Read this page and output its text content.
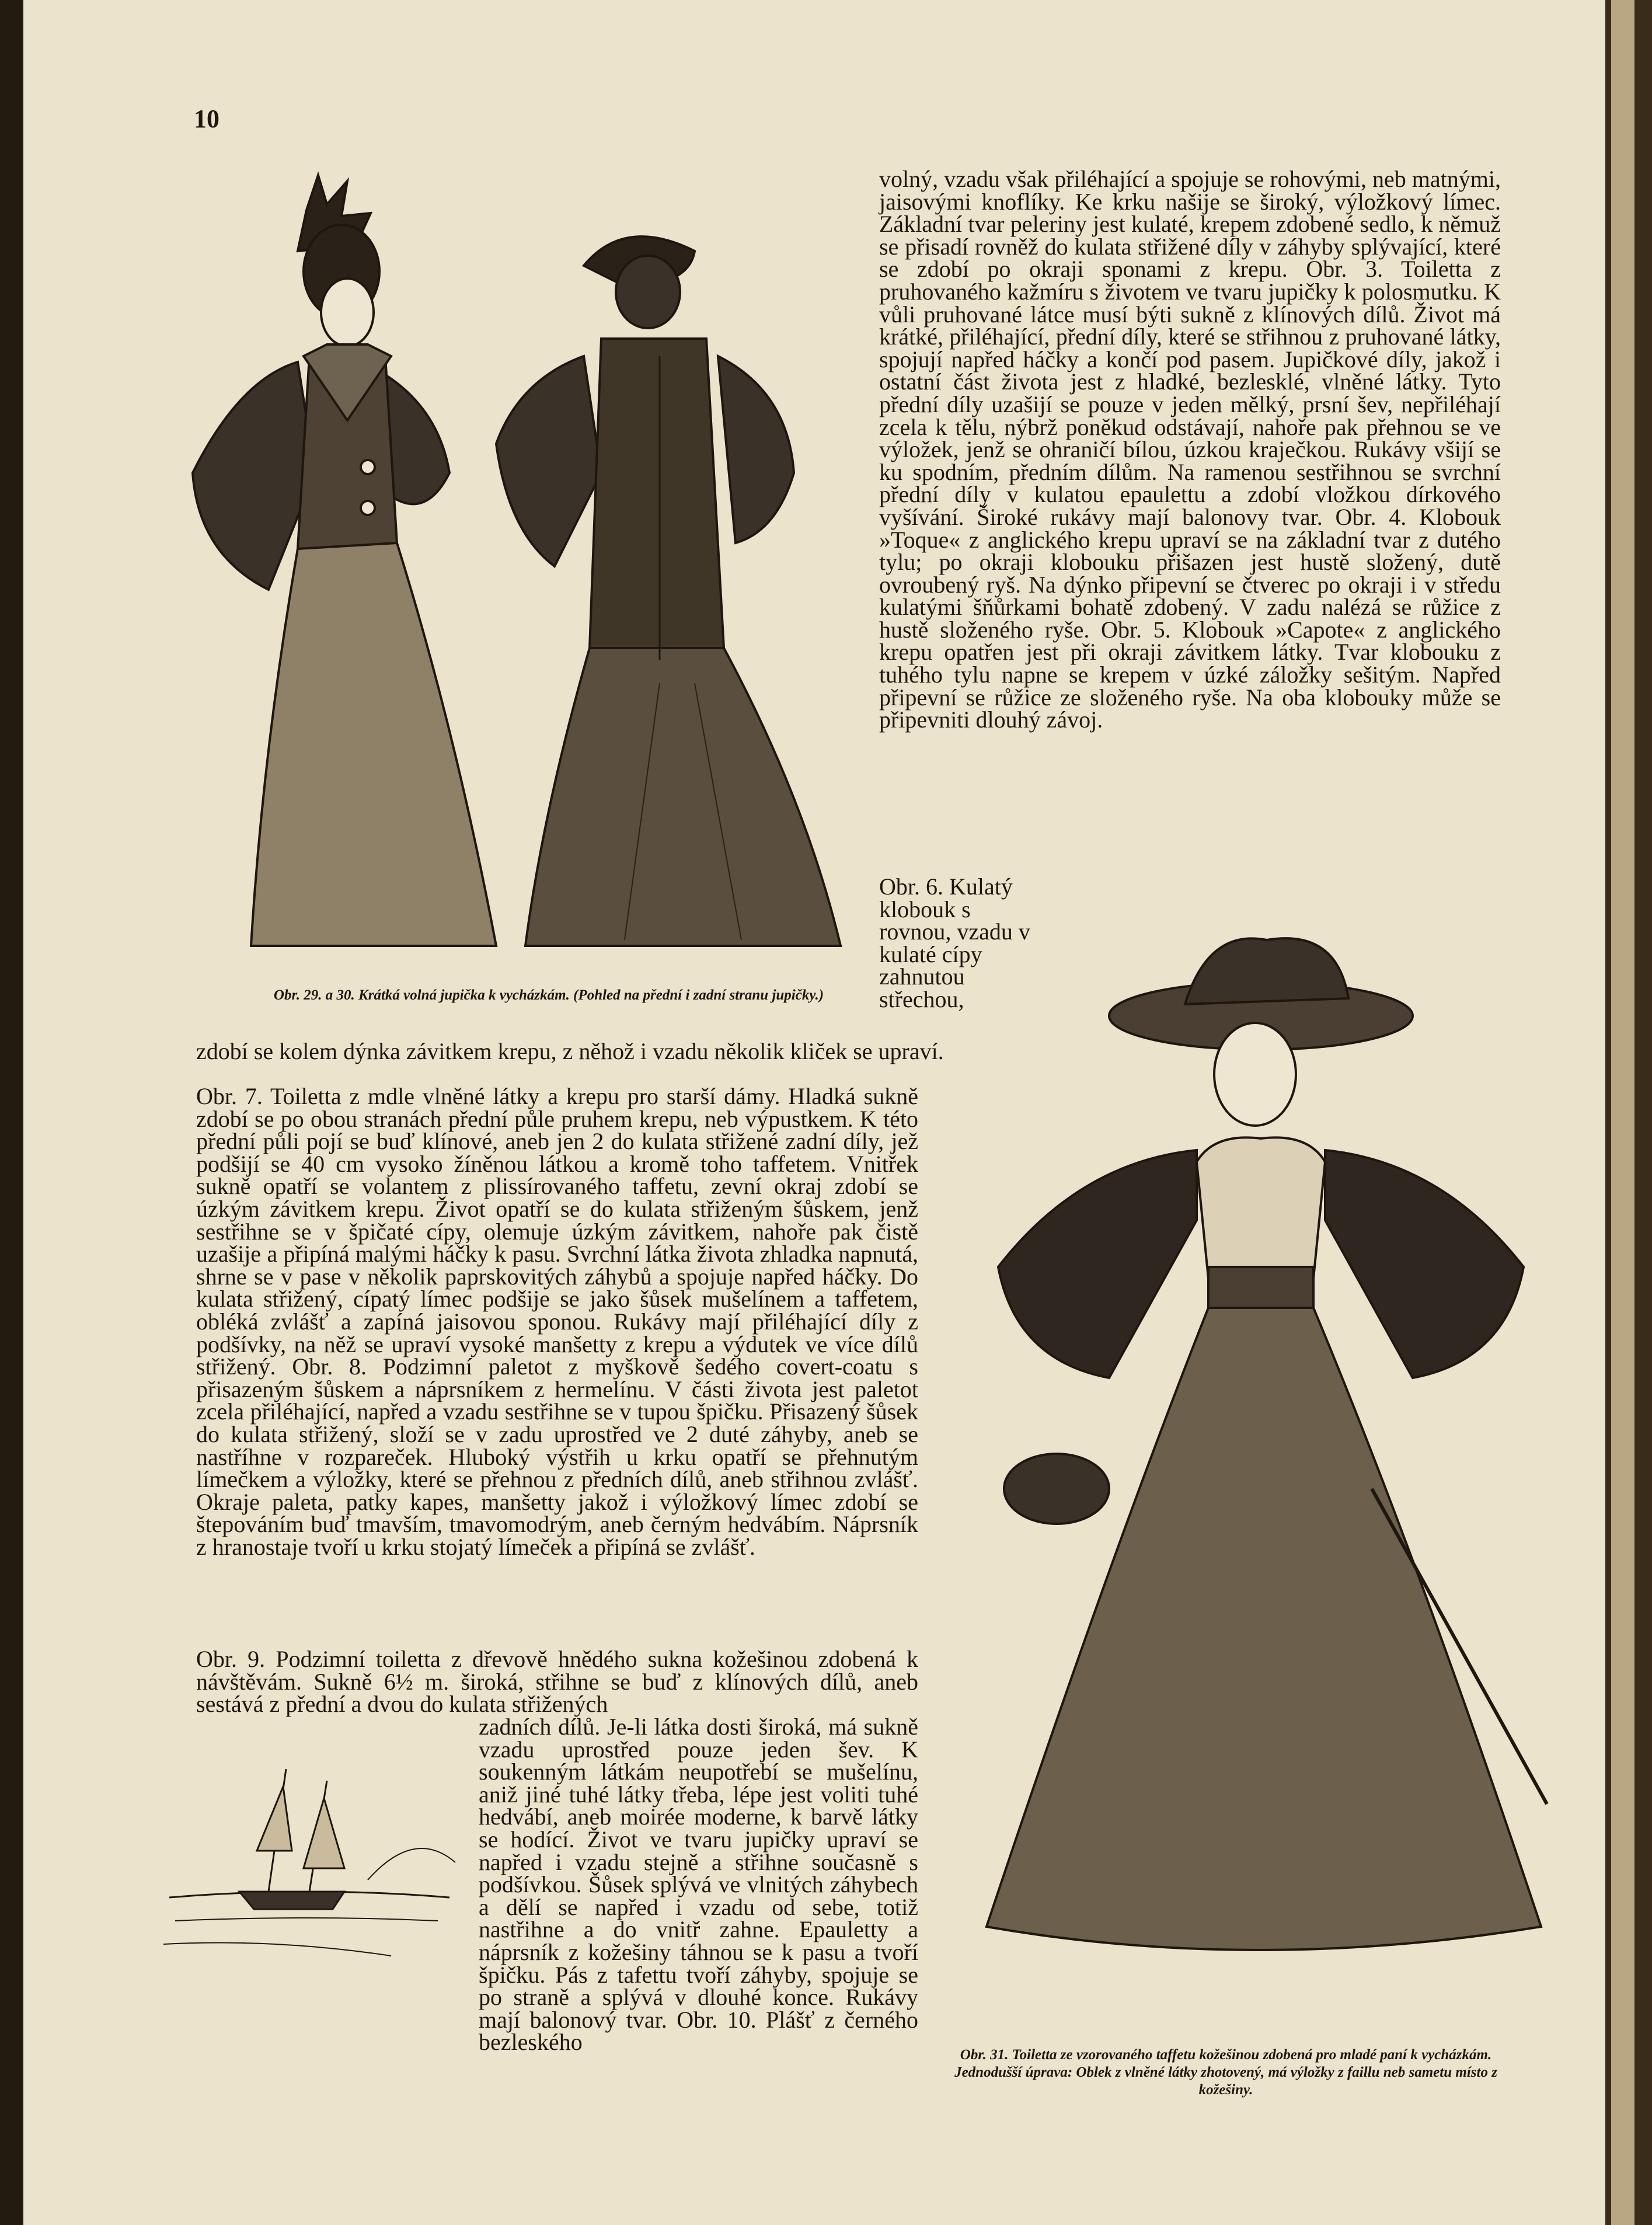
10
Obr. 29. a 30. Krátká volná jupička k vycházkám. (Pohled na přední i zadní stranu jupičky.)
Obr. 31. Toiletta ze vzorovaného taffetu kožešinou zdobená pro mladé paní k vycházkám. Jednodušší úprava: Oblek z vlněné látky zhotovený, má výložky z faillu neb sametu místo z kožešiny.

volný, vzadu však přiléhající a spojuje se rohovými, neb matnými, jaisovými knoflíky. Ke krku našije se široký, výložkový límec. Základní tvar peleriny jest kulaté, krepem zdobené sedlo, k němuž se přisadí rovněž do kulata střižené díly v záhyby splývající, které se zdobí po okraji sponami z krepu. Obr. 3. Toiletta z pruhovaného kažmíru s životem ve tvaru jupičky k polosmutku. K vůli pruhované látce musí býti sukně z klínových dílů. Život má krátké, přiléhající, přední díly, které se střihnou z pruhované látky, spojují napřed háčky a končí pod pasem. Jupičkové díly, jakož i ostatní část života jest z hladké, bezlesklé, vlněné látky. Tyto přední díly uzašijí se pouze v jeden mělký, prsní šev, nepřiléhají zcela k tělu, nýbrž poněkud odstávají, nahoře pak přehnou se ve výložek, jenž se ohraničí bílou, úzkou kraječkou. Rukávy všijí se ku spodním, předním dílům. Na ramenou sestřihnou se svrchní přední díly v kulatou epaulettu a zdobí vložkou dírkového vyšívání. Široké rukávy mají balonovy tvar. Obr. 4. Klobouk »Toque« z anglického krepu upraví se na základní tvar z dutého tylu; po okraji klobouku přišazen jest hustě složený, dutě ovroubený ryš. Na dýnko připevní se čtverec po okraji i v středu kulatými šňůrkami bohatě zdobený. V zadu nalézá se růžice z hustě složeného ryše. Obr. 5. Klobouk »Capote« z anglického krepu opatřen jest při okraji závitkem látky. Tvar klobouku z tuhého tylu napne se krepem v úzké záložky sešitým. Napřed připevní se růžice ze složeného ryše. Na oba klobouky může se připevniti dlouhý závoj.

Obr. 6. Kulatý klobouk s rovnou, vzadu v kulaté cípy zahnutou střechou,

zdobí se kolem dýnka závitkem krepu, z něhož i vzadu několik kliček se upraví.

Obr. 7. Toiletta z mdle vlněné látky a krepu pro starší dámy. Hladká sukně zdobí se po obou stranách přední půle pruhem krepu, neb výpustkem. K této přední půli pojí se buď klínové, aneb jen 2 do kulata střižené zadní díly, jež podšijí se 40 cm vysoko žíněnou látkou a kromě toho taffetem. Vnitřek sukně opatří se volantem z plissírovaného taffetu, zevní okraj zdobí se úzkým závitkem krepu. Život opatří se do kulata střiženým šůskem, jenž sestřihne se v špičaté cípy, olemuje úzkým závitkem, nahoře pak čistě uzašije a připíná malými háčky k pasu. Svrchní látka života zhladka napnutá, shrne se v pase v několik paprskovitých záhybů a spojuje napřed háčky. Do kulata střižený, cípatý límec podšije se jako šůsek mušelínem a taffetem, obléká zvlášť a zapíná jaisovou sponou. Rukávy mají přiléhající díly z podšívky, na něž se upraví vysoké manšetty z krepu a výdutek ve více dílů střižený. Obr. 8. Podzimní paletot z myškově šedého covert-coatu s přisazeným šůskem a náprsníkem z hermelínu. V části života jest paletot zcela přiléhající, napřed a vzadu sestřihne se v tupou špičku. Přisazený šůsek do kulata střižený, složí se v zadu uprostřed ve 2 duté záhyby, aneb se nastříhne v rozpareček. Hluboký výstřih u krku opatří se přehnutým límečkem a výložky, které se přehnou z předních dílů, aneb střihnou zvlášť. Okraje paleta, patky kapes, manšetty jakož i výložkový límec zdobí se štepováním buď tmavším, tmavomodrým, aneb černým hedvábím. Náprsník z hranostaje tvoří u krku stojatý límeček a připíná se zvlášť.

Obr. 9. Podzimní toiletta z dřevově hnědého sukna kožešinou zdobená k návštěvám. Sukně 6½ m. široká, střihne se buď z klínových dílů, aneb sestává z přední a dvou do kulata střižených

zadních dílů. Je-li látka dosti široká, má sukně vzadu uprostřed pouze jeden šev. K soukenným látkám neupotřebí se mušelínu, aniž jiné tuhé látky třeba, lépe jest voliti tuhé hedvábí, aneb moirée moderne, k barvě látky se hodící. Život ve tvaru jupičky upraví se napřed i vzadu stejně a střihne současně s podšívkou. Šůsek splývá ve vlnitých záhybech a dělí se napřed i vzadu od sebe, totiž nastřihne a do vnitř zahne. Epauletty a náprsník z kožešiny táhnou se k pasu a tvoří špičku. Pás z tafettu tvoří záhyby, spojuje se po straně a splývá v dlouhé konce. Rukávy mají balonový tvar. Obr. 10. Plášť z černého bezleského
